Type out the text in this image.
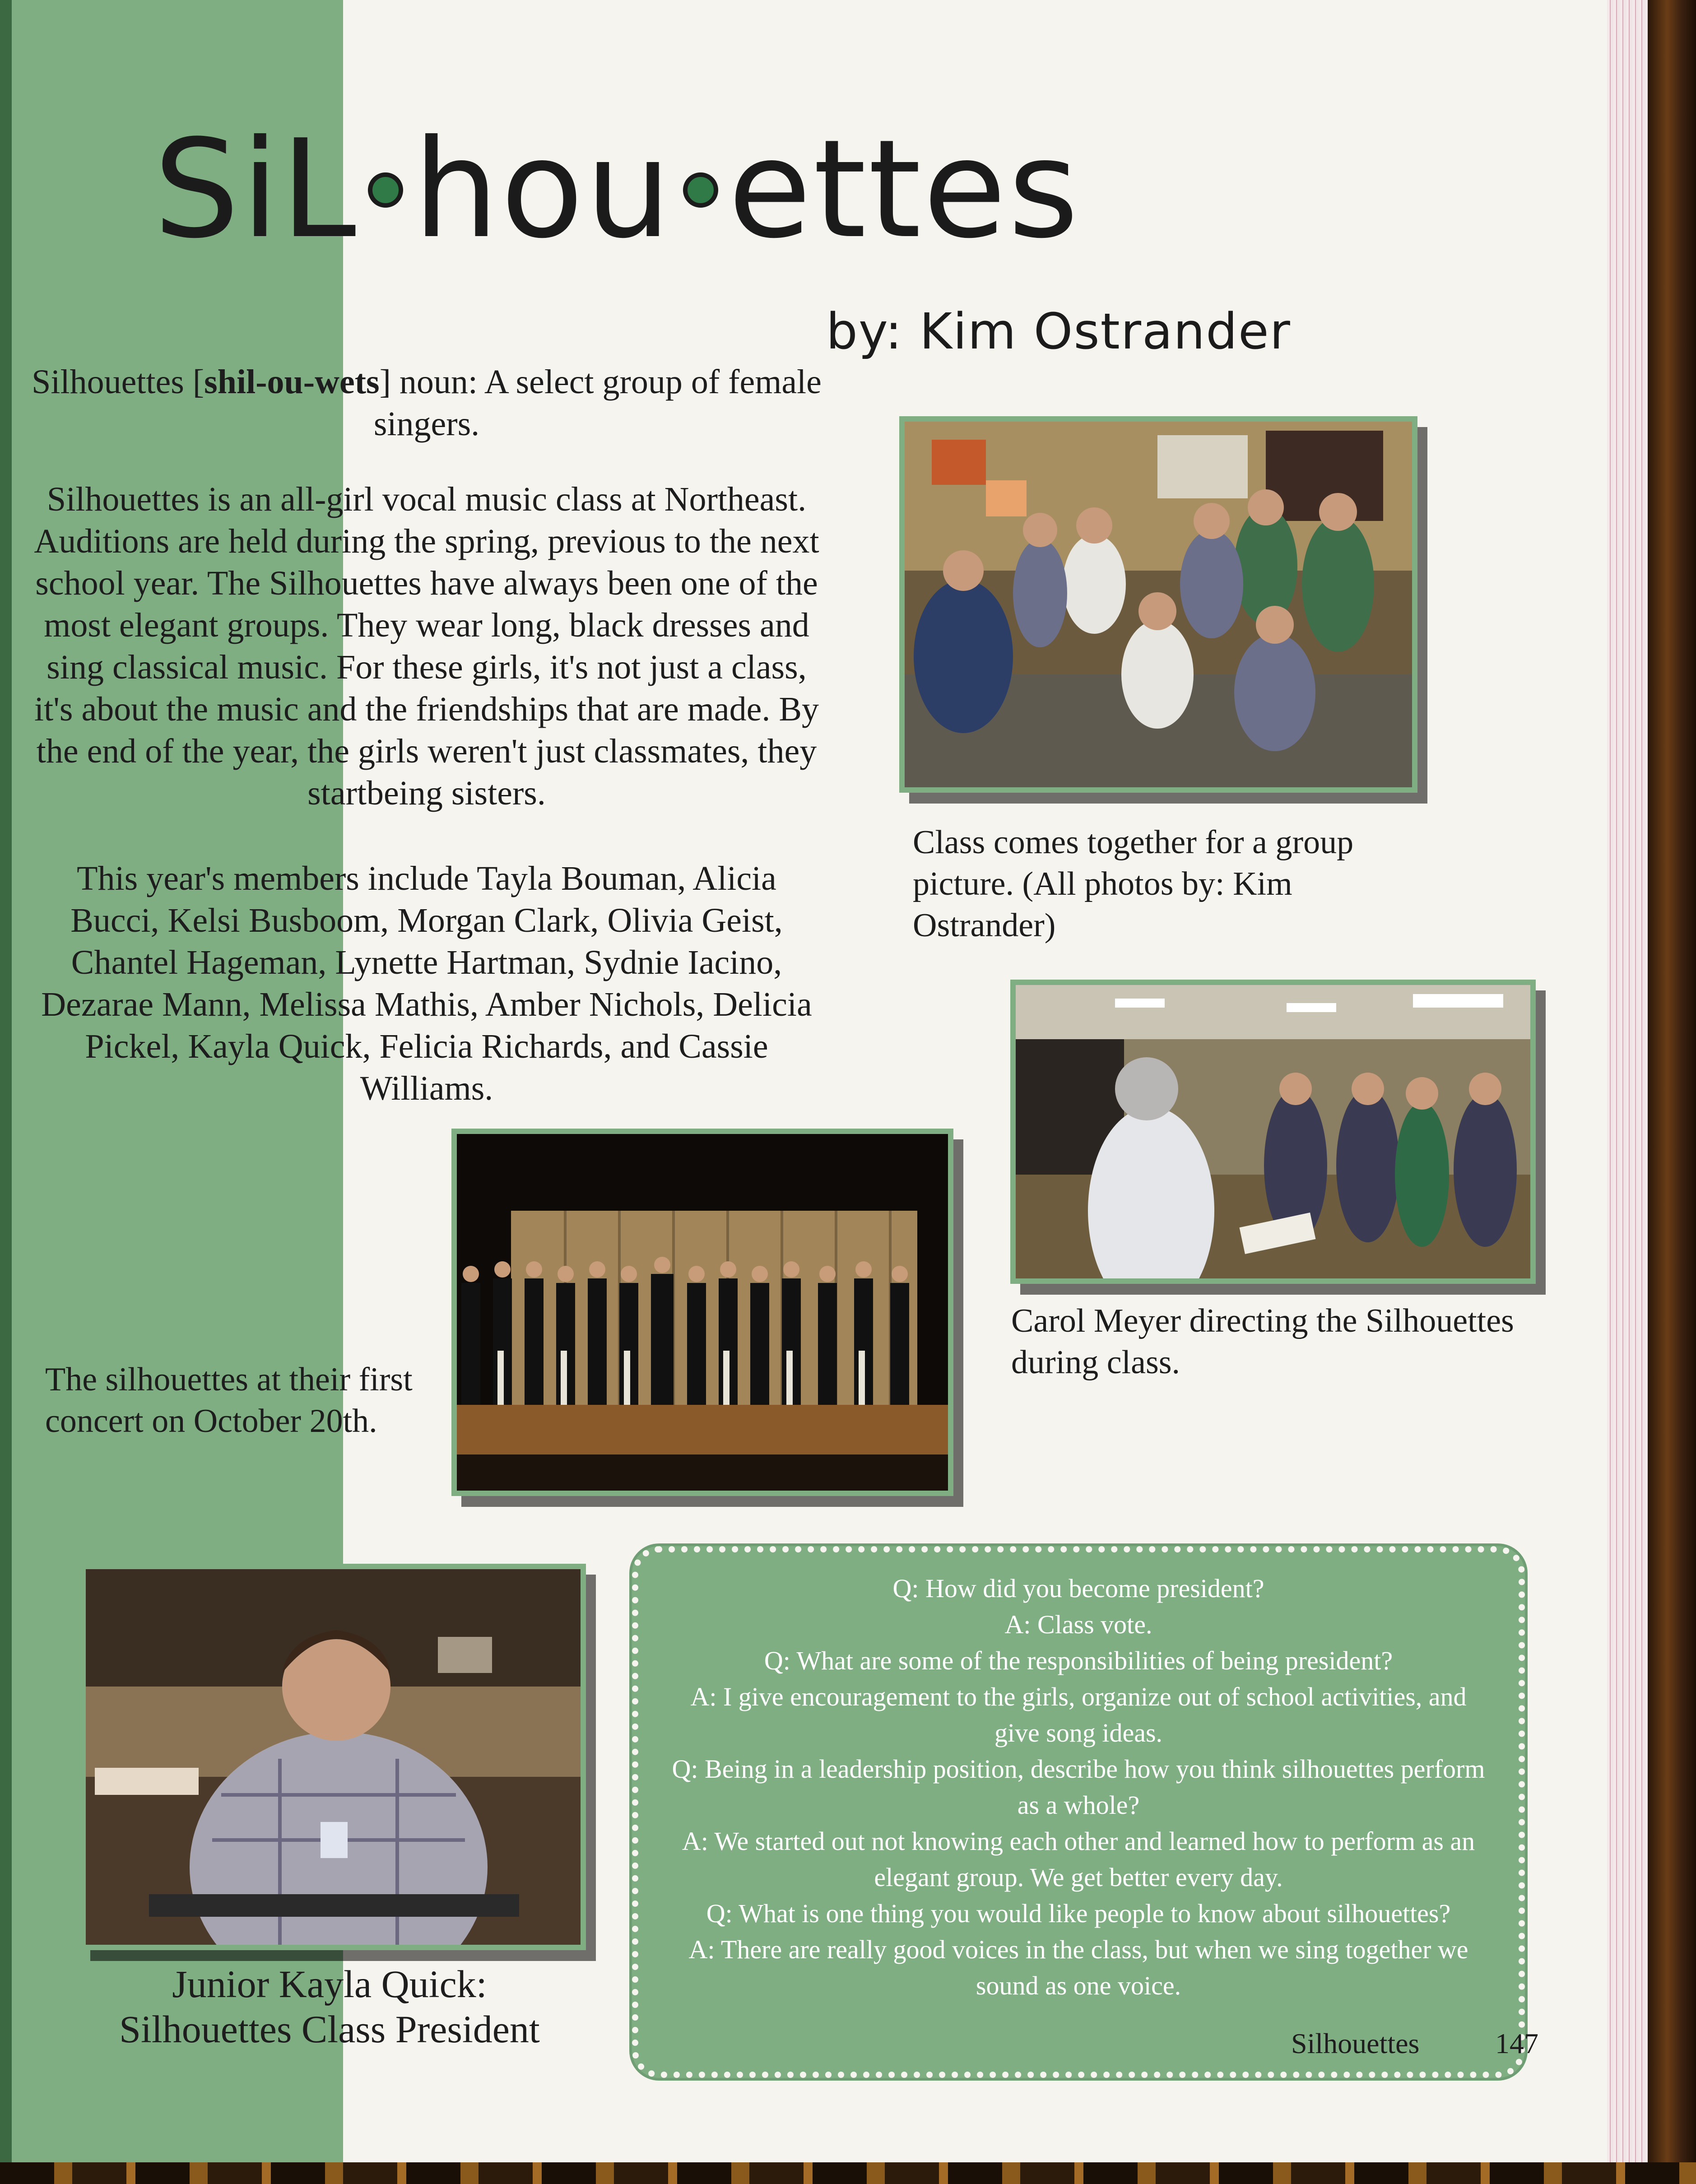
SiL hou ettes

by: Kim Ostrander

Silhouettes [shil-ou-wets] noun: A select group of female singers.

Silhouettes is an all-girl vocal music class at Northeast. Auditions are held during the spring, previous to the next school year. The Silhouettes have always been one of the most elegant groups. They wear long, black dresses and sing classical music. For these girls, it's not just a class, it's about the music and the friendships that are made. By the end of the year, the girls weren't just classmates, they startbeing sisters.

This year's members include Tayla Bouman, Alicia Bucci, Kelsi Busboom, Morgan Clark, Olivia Geist, Chantel Hageman, Lynette Hartman, Sydnie Iacino, Dezarae Mann, Melissa Mathis, Amber Nichols, Delicia Pickel, Kayla Quick, Felicia Richards, and Cassie Williams.

Class comes together for a group picture. (All photos by: Kim Ostrander)

Carol Meyer directing the Silhouettes during class.

The silhouettes at their first concert on October 20th.

Junior Kayla Quick:
Silhouettes Class President

Q: How did you become president?
A: Class vote.
Q: What are some of the responsibilities of being president?
A: I give encouragement to the girls, organize out of school activities, and give song ideas.
Q: Being in a leadership position, describe how you think silhouettes perform as a whole?
A: We started out not knowing each other and learned how to perform as an elegant group. We get better every day.
Q: What is one thing you would like people to know about silhouettes?
A: There are really good voices in the class, but when we sing together we sound as one voice.

Silhouettes	147
